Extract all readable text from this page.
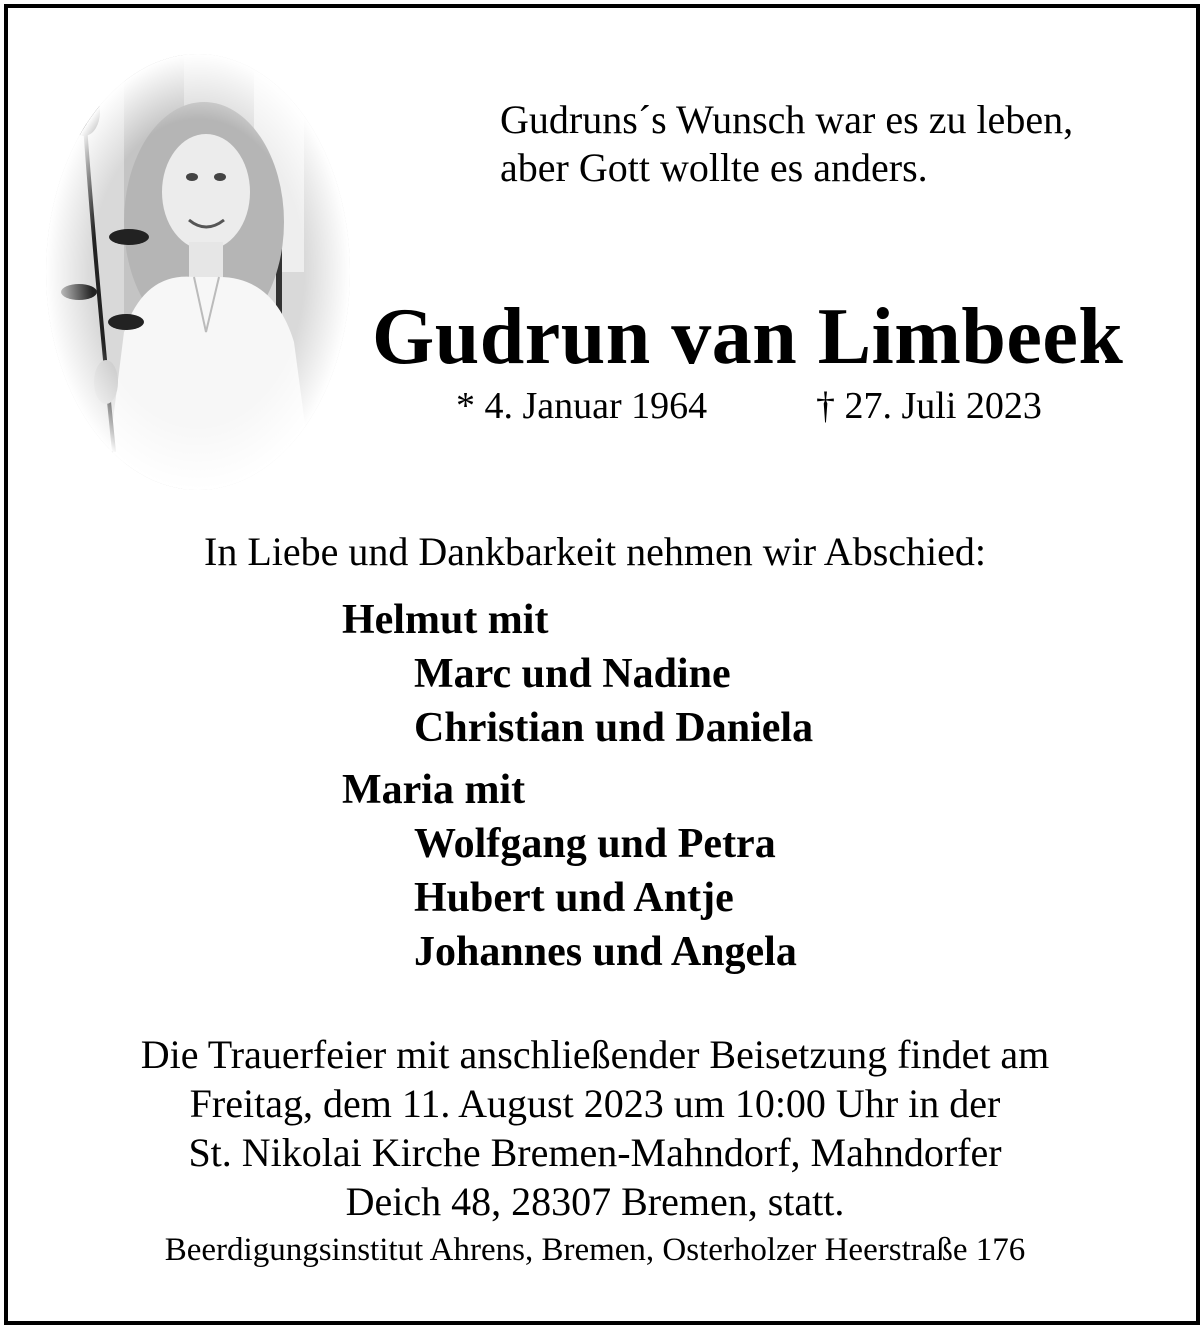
Gudruns´s Wunsch war es zu leben,
aber Gott wollte es anders.
Gudrun van Limbeek
* 4. Januar 1964	† 27. Juli 2023
In Liebe und Dankbarkeit nehmen wir Abschied:
Helmut mit
Marc und Nadine
Christian und Daniela
Maria mit
Wolfgang und Petra
Hubert und Antje
Johannes und Angela
Die Trauerfeier mit anschließender Beisetzung findet am
Freitag, dem 11. August 2023 um 10:00 Uhr in der
St. Nikolai Kirche Bremen-Mahndorf, Mahndorfer
Deich 48, 28307 Bremen, statt.
Beerdigungsinstitut Ahrens, Bremen, Osterholzer Heerstraße 176
